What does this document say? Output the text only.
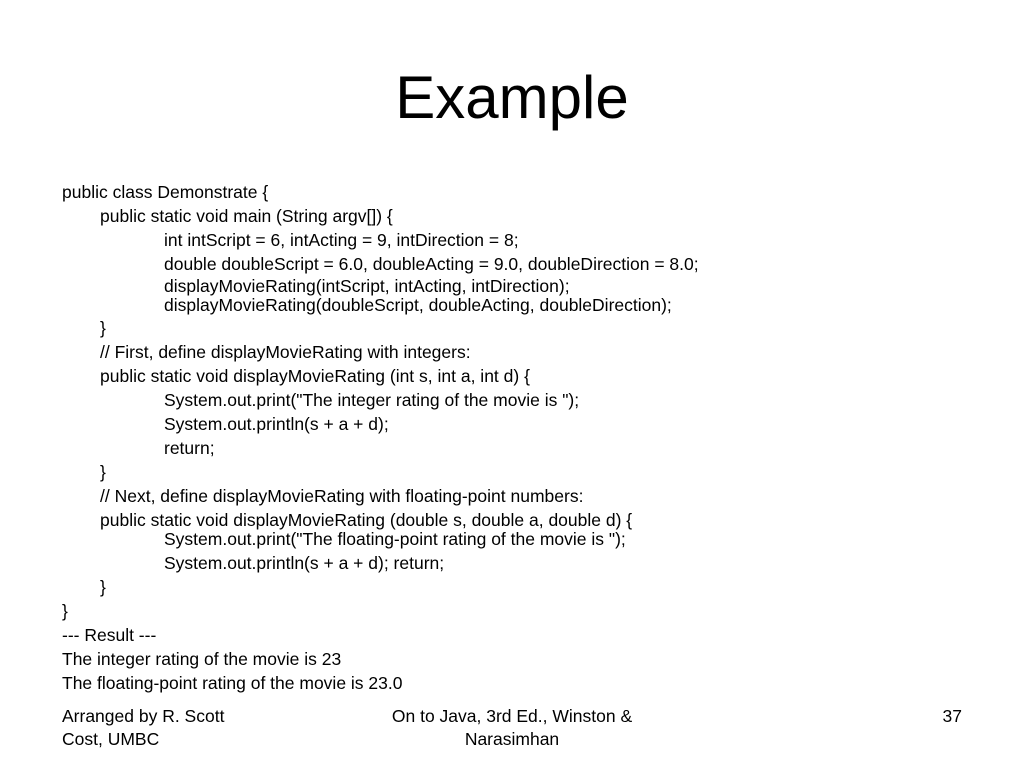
Example
public class Demonstrate {
public static void main (String argv[]) {
int intScript = 6, intActing = 9, intDirection = 8;
double doubleScript = 6.0, doubleActing = 9.0, doubleDirection = 8.0;
displayMovieRating(intScript, intActing, intDirection);
displayMovieRating(doubleScript, doubleActing, doubleDirection);
}
// First, define displayMovieRating with integers:
public static void displayMovieRating (int s, int a, int d) {
System.out.print("The integer rating of the movie is ");
System.out.println(s + a + d);
return;
}
// Next, define displayMovieRating with floating-point numbers:
public static void displayMovieRating (double s, double a, double d) {
System.out.print("The floating-point rating of the movie is ");
System.out.println(s + a + d); return;
}
}
--- Result ---
The integer rating of the movie is 23
The floating-point rating of the movie is 23.0
Arranged by R. Scott
Cost, UMBC
On to Java, 3rd Ed., Winston &
Narasimhan
37
